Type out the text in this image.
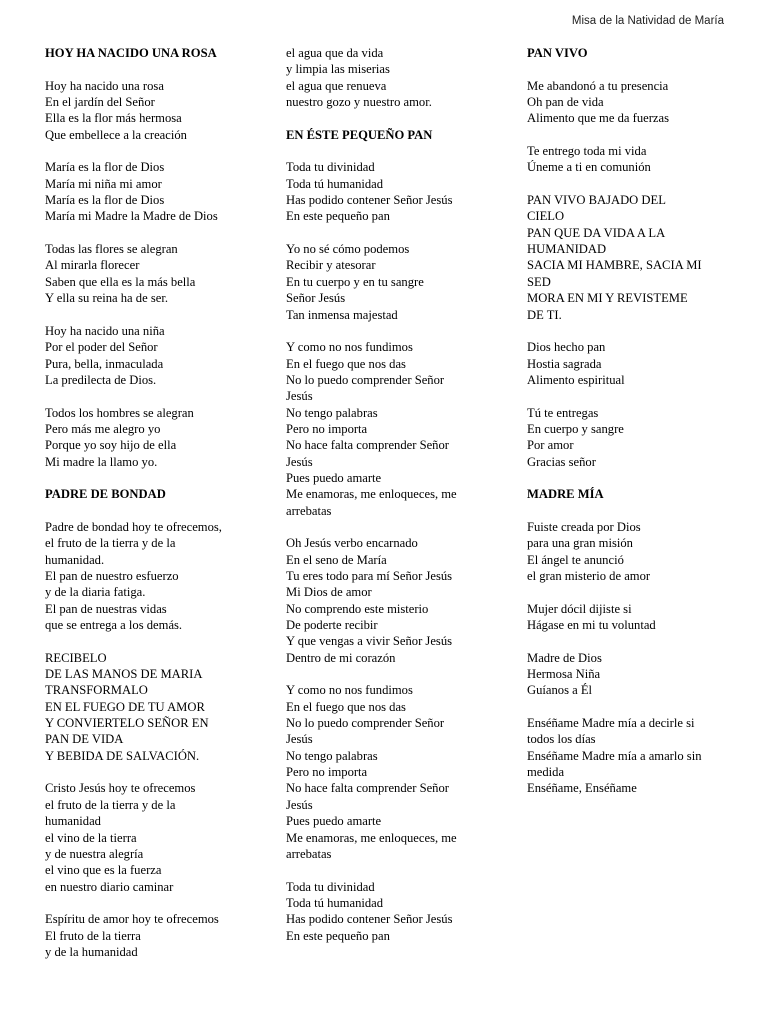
Misa de la Natividad de María
HOY HA NACIDO UNA ROSA
Hoy ha nacido una rosa
En el jardín del Señor
Ella es la flor más hermosa
Que embellece a la creación
María es la flor de Dios
María mi niña mi amor
María es la flor de Dios
María mi Madre la Madre de Dios
Todas las flores se alegran
Al mirarla florecer
Saben que ella es la más bella
Y ella su reina ha de ser.
Hoy ha nacido una niña
Por el poder del Señor
Pura, bella, inmaculada
La predilecta de Dios.
Todos los hombres se alegran
Pero más me alegro yo
Porque yo soy hijo de ella
Mi madre la llamo yo.
PADRE DE BONDAD
Padre de bondad hoy te ofrecemos,
el fruto de la tierra y de la
humanidad.
El pan de nuestro esfuerzo
y de la diaria fatiga.
El pan de nuestras vidas
que se entrega a los demás.
RECIBELO
DE LAS MANOS DE MARIA
TRANSFORMALO
EN EL FUEGO DE TU AMOR
Y CONVIERTELO SEÑOR EN
PAN DE VIDA
Y BEBIDA DE SALVACIÓN.
Cristo Jesús hoy te ofrecemos
el fruto de la tierra y de la
humanidad
el vino de la tierra
y de nuestra alegría
el vino que es la fuerza
en nuestro diario caminar
Espíritu de amor hoy te ofrecemos
El fruto de la tierra
y de la humanidad
el agua que da vida
y limpia las miserias
el agua que renueva
nuestro gozo y nuestro amor.
EN ÉSTE PEQUEÑO PAN
Toda tu divinidad
Toda tú humanidad
Has podido contener Señor Jesús
En este pequeño pan
Yo no sé cómo podemos
Recibir y atesorar
En tu cuerpo y en tu sangre
Señor Jesús
Tan inmensa majestad
Y como no nos fundimos
En el fuego que nos das
No lo puedo comprender Señor
Jesús
No tengo palabras
Pero no importa
No hace falta comprender Señor
Jesús
Pues puedo amarte
Me enamoras, me enloqueces, me
arrebatas
Oh Jesús verbo encarnado
En el seno de María
Tu eres todo para mí Señor Jesús
Mi Dios de amor
No comprendo este misterio
De poderte recibir
Y que vengas a vivir Señor Jesús
Dentro de mi corazón
Y como no nos fundimos
En el fuego que nos das
No lo puedo comprender Señor
Jesús
No tengo palabras
Pero no importa
No hace falta comprender Señor
Jesús
Pues puedo amarte
Me enamoras, me enloqueces, me
arrebatas
Toda tu divinidad
Toda tú humanidad
Has podido contener Señor Jesús
En este pequeño pan
PAN VIVO
Me abandonó a tu presencia
Oh pan de vida
Alimento que me da fuerzas
Te entrego toda mi vida
Úneme a ti en comunión
PAN VIVO BAJADO DEL
CIELO
PAN QUE DA VIDA A LA
HUMANIDAD
SACIA MI HAMBRE, SACIA MI
SED
MORA EN MI Y REVISTEME
DE TI.
Dios hecho pan
Hostia sagrada
Alimento espiritual
Tú te entregas
En cuerpo y sangre
Por amor
Gracias señor
MADRE MÍA
Fuiste creada por Dios
para una gran misión
El ángel te anunció
el gran misterio de amor
Mujer dócil dijiste si
Hágase en mi tu voluntad
Madre de Dios
Hermosa Niña
Guíanos a Él
Enséñame Madre mía a decirle si
todos los días
Enséñame Madre mía a amarlo sin
medida
Enséñame, Enséñame
